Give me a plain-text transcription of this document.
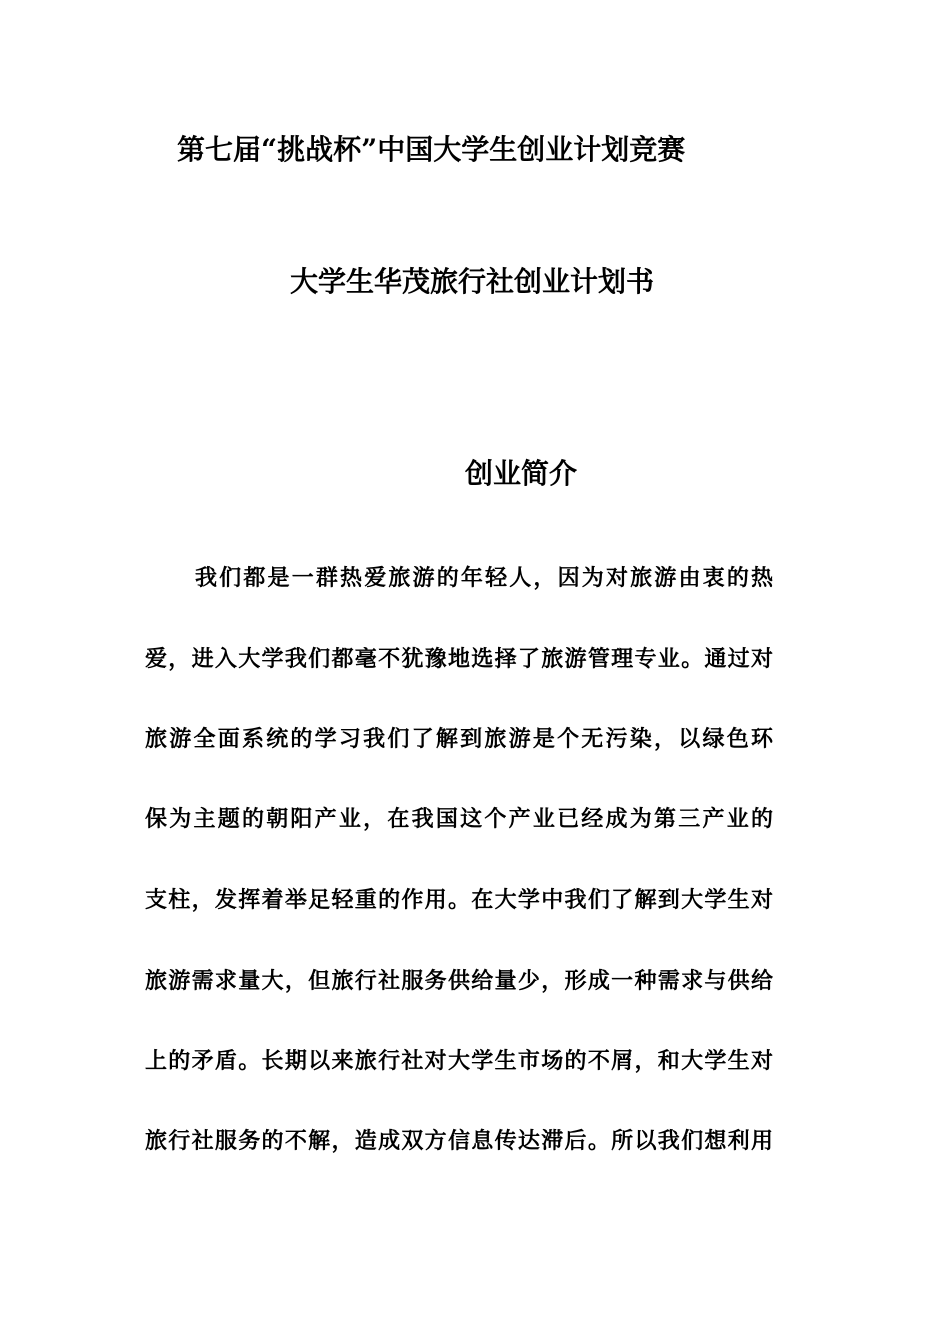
第七届“挑战杯”中国大学生创业计划竞赛
大学生华茂旅行社创业计划书
创业简介
我们都是一群热爱旅游的年轻人，因为对旅游由衷的热
爱，进入大学我们都毫不犹豫地选择了旅游管理专业。通过对
旅游全面系统的学习我们了解到旅游是个无污染，以绿色环
保为主题的朝阳产业，在我国这个产业已经成为第三产业的
支柱，发挥着举足轻重的作用。在大学中我们了解到大学生对
旅游需求量大，但旅行社服务供给量少，形成一种需求与供给
上的矛盾。长期以来旅行社对大学生市场的不屑，和大学生对
旅行社服务的不解，造成双方信息传达滞后。所以我们想利用
